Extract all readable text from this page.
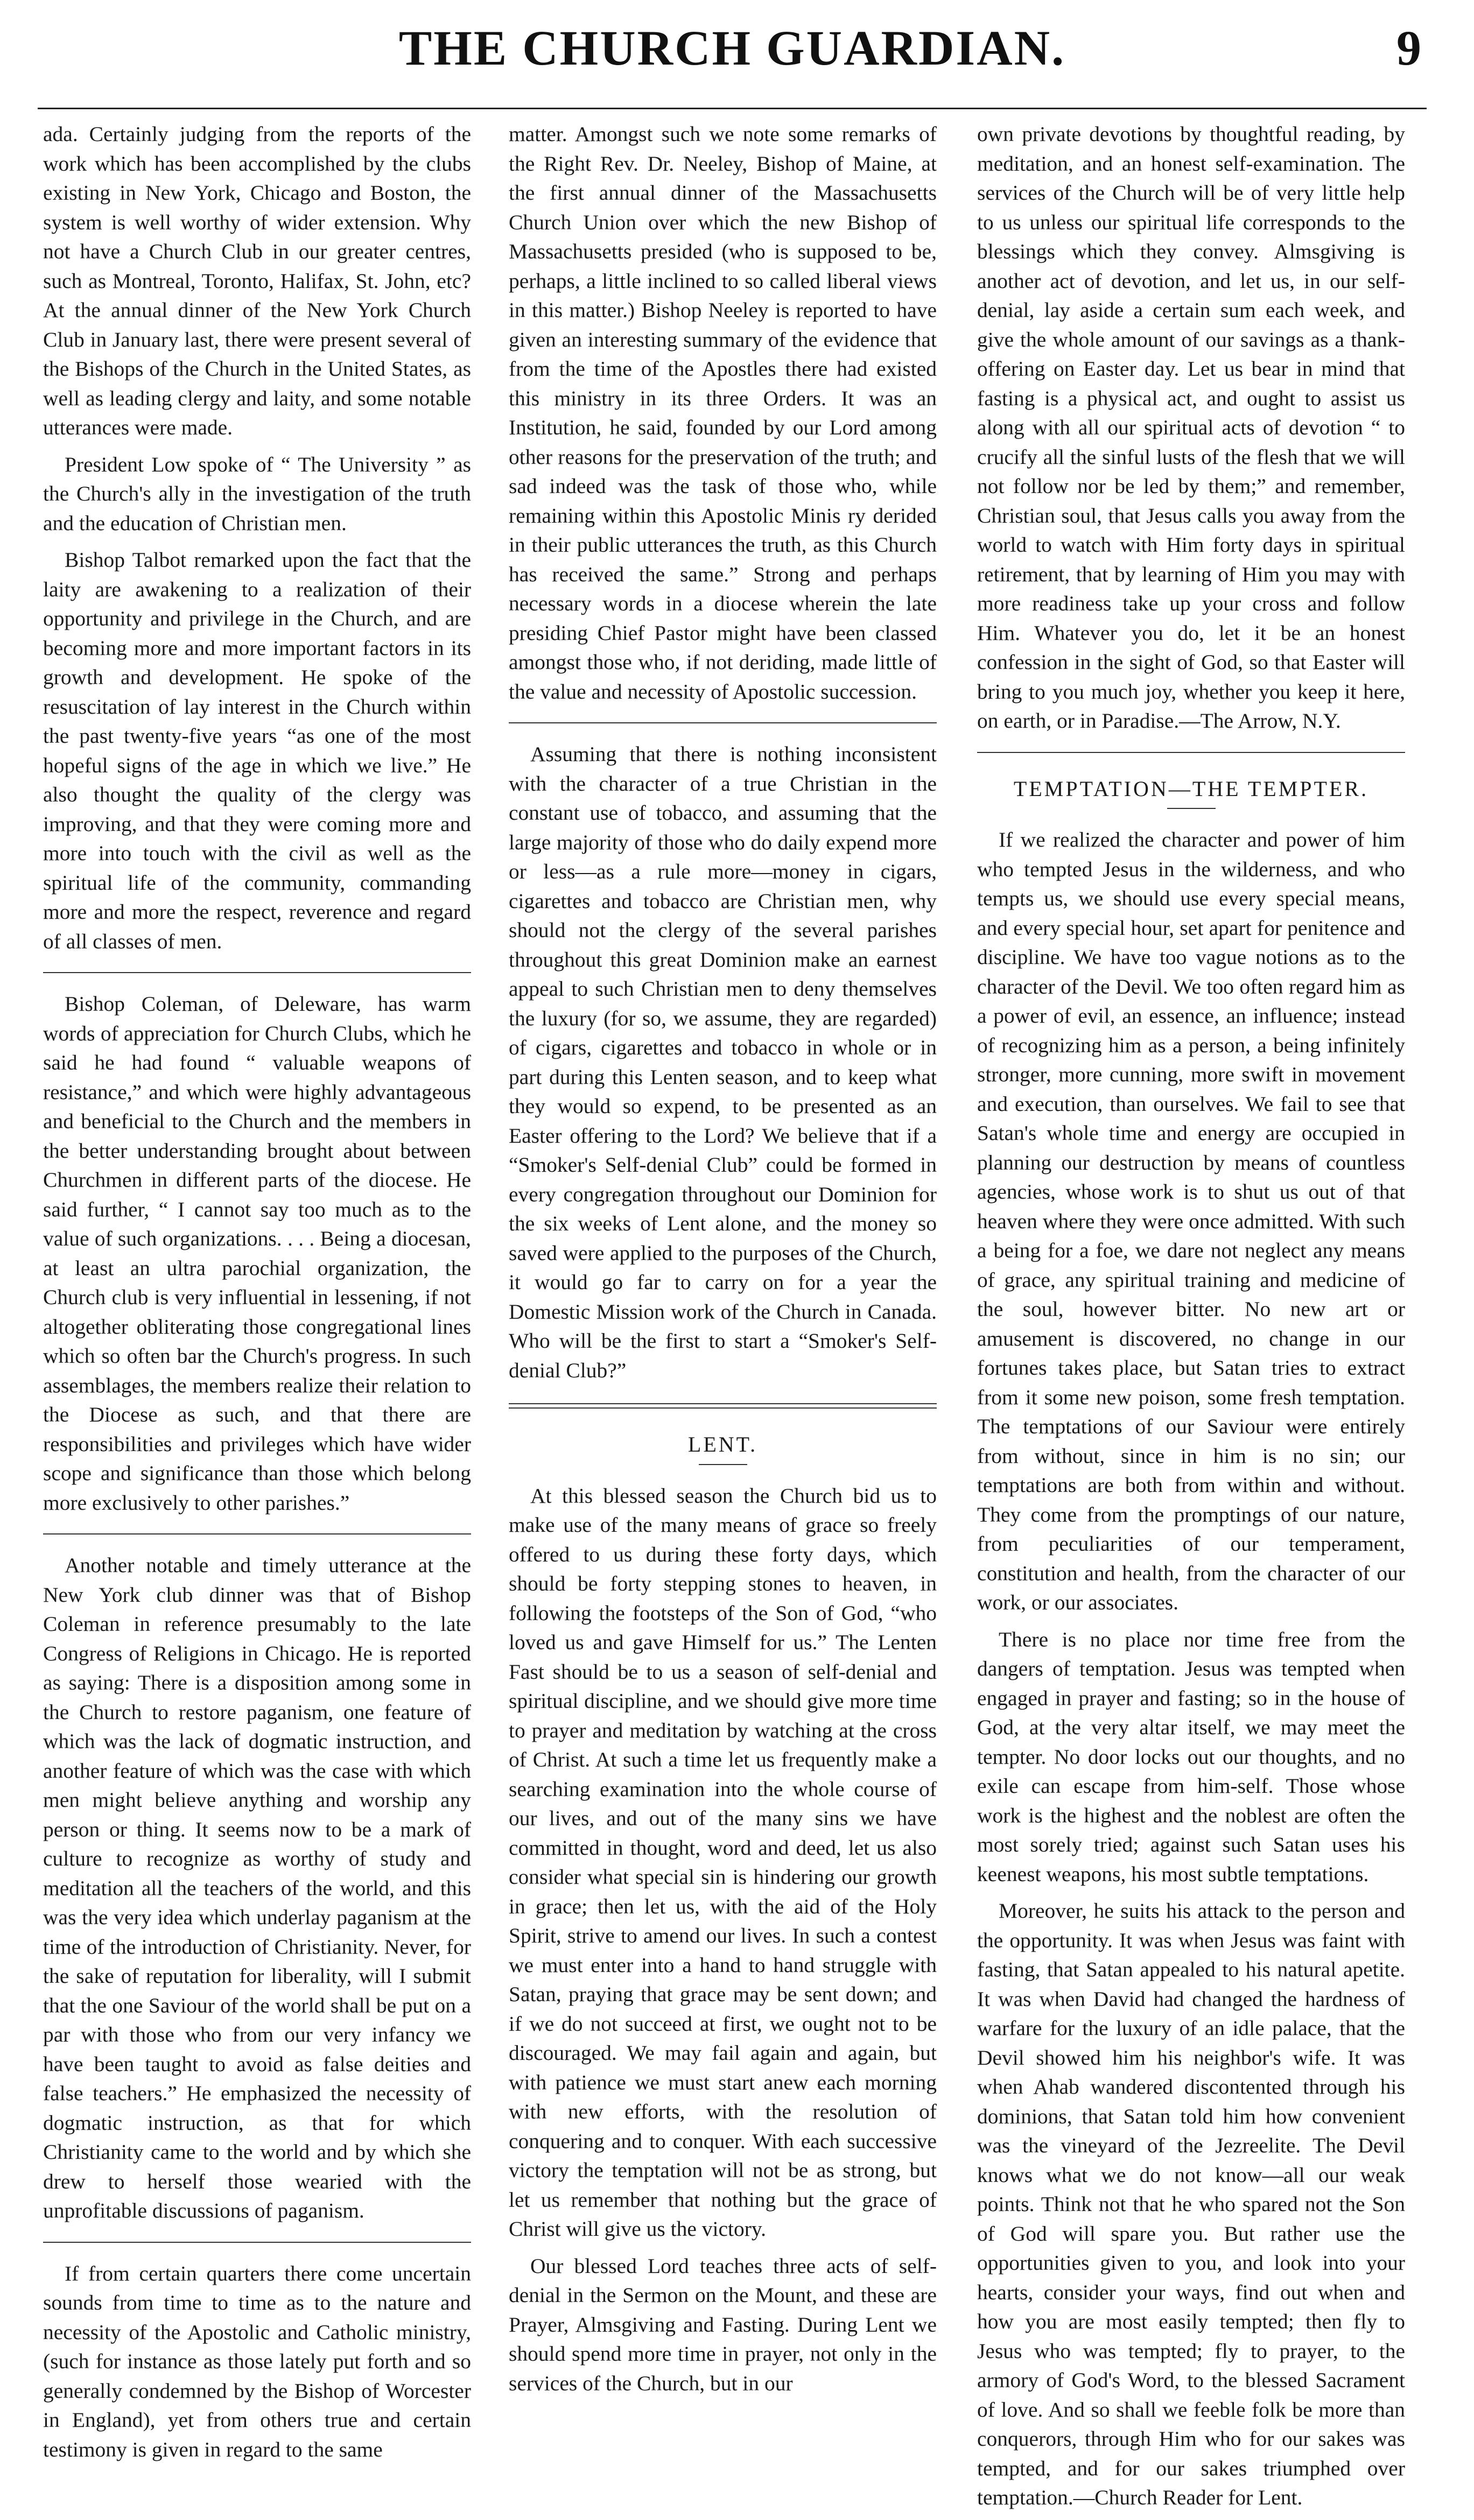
THE CHURCH GUARDIAN.	9

ada. Certainly judging from the reports of the work which has been accomplished by the clubs existing in New York, Chicago and Boston, the system is well worthy of wider extension. Why not have a Church Club in our greater centres, such as Montreal, Toronto, Halifax, St. John, etc? At the annual dinner of the New York Church Club in January last, there were present several of the Bishops of the Church in the United States, as well as leading clergy and laity, and some notable utterances were made.

President Low spoke of “ The University ” as the Church's ally in the investigation of the truth and the education of Christian men.

Bishop Talbot remarked upon the fact that the laity are awakening to a realization of their opportunity and privilege in the Church, and are becoming more and more important factors in its growth and development. He spoke of the resuscitation of lay interest in the Church within the past twenty-five years “as one of the most hopeful signs of the age in which we live.” He also thought the quality of the clergy was improving, and that they were coming more and more into touch with the civil as well as the spiritual life of the community, commanding more and more the respect, reverence and regard of all classes of men.

Bishop Coleman, of Deleware, has warm words of appreciation for Church Clubs, which he said he had found “ valuable weapons of resistance,” and which were highly advantageous and beneficial to the Church and the members in the better understanding brought about between Churchmen in different parts of the diocese. He said further, “ I cannot say too much as to the value of such organizations. . . . Being a diocesan, at least an ultra parochial organization, the Church club is very influential in lessening, if not altogether obliterating those congregational lines which so often bar the Church's progress. In such assemblages, the members realize their relation to the Diocese as such, and that there are responsibilities and privileges which have wider scope and significance than those which belong more exclusively to other parishes.”

Another notable and timely utterance at the New York club dinner was that of Bishop Coleman in reference presumably to the late Congress of Religions in Chicago. He is reported as saying: There is a disposition among some in the Church to restore paganism, one feature of which was the lack of dogmatic instruction, and another feature of which was the case with which men might believe anything and worship any person or thing. It seems now to be a mark of culture to recognize as worthy of study and meditation all the teachers of the world, and this was the very idea which underlay paganism at the time of the introduction of Christianity. Never, for the sake of reputation for liberality, will I submit that the one Saviour of the world shall be put on a par with those who from our very infancy we have been taught to avoid as false deities and false teachers.” He emphasized the necessity of dogmatic instruction, as that for which Christianity came to the world and by which she drew to herself those wearied with the unprofitable discussions of paganism.

If from certain quarters there come uncertain sounds from time to time as to the nature and necessity of the Apostolic and Catholic ministry, (such for instance as those lately put forth and so generally condemned by the Bishop of Worcester in England), yet from others true and certain testimony is given in regard to the same

matter. Amongst such we note some remarks of the Right Rev. Dr. Neeley, Bishop of Maine, at the first annual dinner of the Massachusetts Church Union over which the new Bishop of Massachusetts presided (who is supposed to be, perhaps, a little inclined to so called liberal views in this matter.) Bishop Neeley is reported to have given an interesting summary of the evidence that from the time of the Apostles there had existed this ministry in its three Orders. It was an Institution, he said, founded by our Lord among other reasons for the preservation of the truth; and sad indeed was the task of those who, while remaining within this Apostolic Minis ry derided in their public utterances the truth, as this Church has received the same.” Strong and perhaps necessary words in a diocese wherein the late presiding Chief Pastor might have been classed amongst those who, if not deriding, made little of the value and necessity of Apostolic succession.

Assuming that there is nothing inconsistent with the character of a true Christian in the constant use of tobacco, and assuming that the large majority of those who do daily expend more or less—as a rule more—money in cigars, cigarettes and tobacco are Christian men, why should not the clergy of the several parishes throughout this great Dominion make an earnest appeal to such Christian men to deny themselves the luxury (for so, we assume, they are regarded) of cigars, cigarettes and tobacco in whole or in part during this Lenten season, and to keep what they would so expend, to be presented as an Easter offering to the Lord? We believe that if a “Smoker's Self-denial Club” could be formed in every congregation throughout our Dominion for the six weeks of Lent alone, and the money so saved were applied to the purposes of the Church, it would go far to carry on for a year the Domestic Mission work of the Church in Canada. Who will be the first to start a “Smoker's Self-denial Club?”

LENT.

At this blessed season the Church bid us to make use of the many means of grace so freely offered to us during these forty days, which should be forty stepping stones to heaven, in following the footsteps of the Son of God, “who loved us and gave Himself for us.” The Lenten Fast should be to us a season of self-denial and spiritual discipline, and we should give more time to prayer and meditation by watching at the cross of Christ. At such a time let us frequently make a searching examination into the whole course of our lives, and out of the many sins we have committed in thought, word and deed, let us also consider what special sin is hindering our growth in grace; then let us, with the aid of the Holy Spirit, strive to amend our lives. In such a contest we must enter into a hand to hand struggle with Satan, praying that grace may be sent down; and if we do not succeed at first, we ought not to be discouraged. We may fail again and again, but with patience we must start anew each morning with new efforts, with the resolution of conquering and to conquer. With each successive victory the temptation will not be as strong, but let us remember that nothing but the grace of Christ will give us the victory.

Our blessed Lord teaches three acts of self-denial in the Sermon on the Mount, and these are Prayer, Almsgiving and Fasting. During Lent we should spend more time in prayer, not only in the services of the Church, but in our

own private devotions by thoughtful reading, by meditation, and an honest self-examination. The services of the Church will be of very little help to us unless our spiritual life corresponds to the blessings which they convey. Almsgiving is another act of devotion, and let us, in our self-denial, lay aside a certain sum each week, and give the whole amount of our savings as a thank-offering on Easter day. Let us bear in mind that fasting is a physical act, and ought to assist us along with all our spiritual acts of devotion “ to crucify all the sinful lusts of the flesh that we will not follow nor be led by them;” and remember, Christian soul, that Jesus calls you away from the world to watch with Him forty days in spiritual retirement, that by learning of Him you may with more readiness take up your cross and follow Him. Whatever you do, let it be an honest confession in the sight of God, so that Easter will bring to you much joy, whether you keep it here, on earth, or in Paradise.—The Arrow, N.Y.

TEMPTATION—THE TEMPTER.

If we realized the character and power of him who tempted Jesus in the wilderness, and who tempts us, we should use every special means, and every special hour, set apart for penitence and discipline. We have too vague notions as to the character of the Devil. We too often regard him as a power of evil, an essence, an influence; instead of recognizing him as a person, a being infinitely stronger, more cunning, more swift in movement and execution, than ourselves. We fail to see that Satan's whole time and energy are occupied in planning our destruction by means of countless agencies, whose work is to shut us out of that heaven where they were once admitted. With such a being for a foe, we dare not neglect any means of grace, any spiritual training and medicine of the soul, however bitter. No new art or amusement is discovered, no change in our fortunes takes place, but Satan tries to extract from it some new poison, some fresh temptation. The temptations of our Saviour were entirely from without, since in him is no sin; our temptations are both from within and without. They come from the promptings of our nature, from peculiarities of our temperament, constitution and health, from the character of our work, or our associates.

There is no place nor time free from the dangers of temptation. Jesus was tempted when engaged in prayer and fasting; so in the house of God, at the very altar itself, we may meet the tempter. No door locks out our thoughts, and no exile can escape from him-self. Those whose work is the highest and the noblest are often the most sorely tried; against such Satan uses his keenest weapons, his most subtle temptations.

Moreover, he suits his attack to the person and the opportunity. It was when Jesus was faint with fasting, that Satan appealed to his natural apetite. It was when David had changed the hardness of warfare for the luxury of an idle palace, that the Devil showed him his neighbor's wife. It was when Ahab wandered discontented through his dominions, that Satan told him how convenient was the vineyard of the Jezreelite. The Devil knows what we do not know—all our weak points. Think not that he who spared not the Son of God will spare you. But rather use the opportunities given to you, and look into your hearts, consider your ways, find out when and how you are most easily tempted; then fly to Jesus who was tempted; fly to prayer, to the armory of God's Word, to the blessed Sacrament of love. And so shall we feeble folk be more than conquerors, through Him who for our sakes was tempted, and for our sakes triumphed over temptation.—Church Reader for Lent.
